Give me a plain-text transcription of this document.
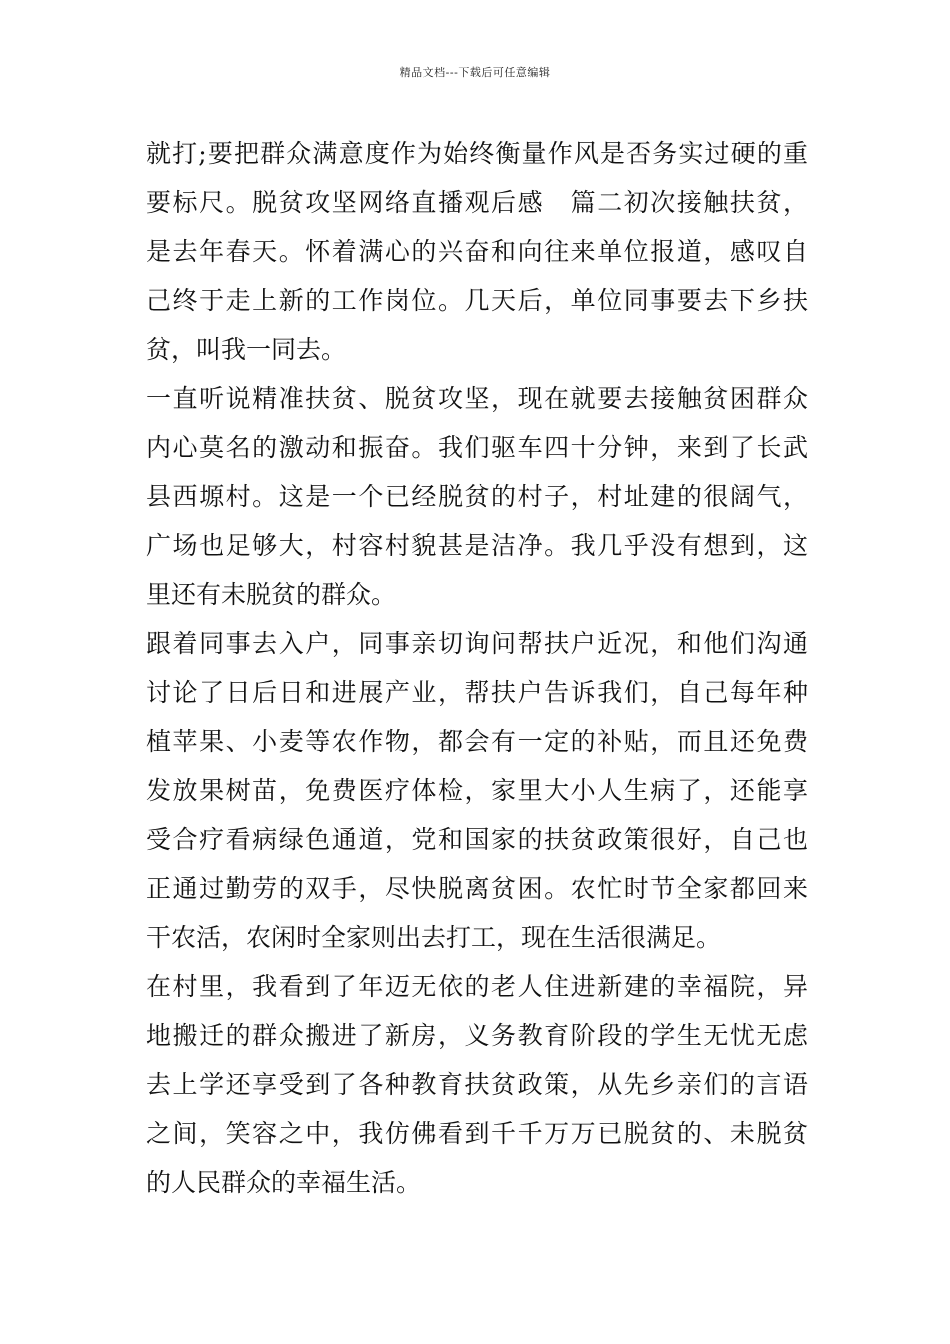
精品文档---下载后可任意编辑
就打;要把群众满意度作为始终衡量作风是否务实过硬的重
要标尺。脱贫攻坚网络直播观后感　篇二初次接触扶贫，
是去年春天。怀着满心的兴奋和向往来单位报道，感叹自
己终于走上新的工作岗位。几天后，单位同事要去下乡扶
贫，叫我一同去。
一直听说精准扶贫、脱贫攻坚，现在就要去接触贫困群众
内心莫名的激动和振奋。我们驱车四十分钟，来到了长武
县西塬村。这是一个已经脱贫的村子，村址建的很阔气，
广场也足够大，村容村貌甚是洁净。我几乎没有想到，这
里还有未脱贫的群众。
跟着同事去入户，同事亲切询问帮扶户近况，和他们沟通
讨论了日后日和进展产业，帮扶户告诉我们，自己每年种
植苹果、小麦等农作物，都会有一定的补贴，而且还免费
发放果树苗，免费医疗体检，家里大小人生病了，还能享
受合疗看病绿色通道，党和国家的扶贫政策很好，自己也
正通过勤劳的双手，尽快脱离贫困。农忙时节全家都回来
干农活，农闲时全家则出去打工，现在生活很满足。
在村里，我看到了年迈无依的老人住进新建的幸福院，异
地搬迁的群众搬进了新房，义务教育阶段的学生无忧无虑
去上学还享受到了各种教育扶贫政策，从先乡亲们的言语
之间，笑容之中，我仿佛看到千千万万已脱贫的、未脱贫
的人民群众的幸福生活。
